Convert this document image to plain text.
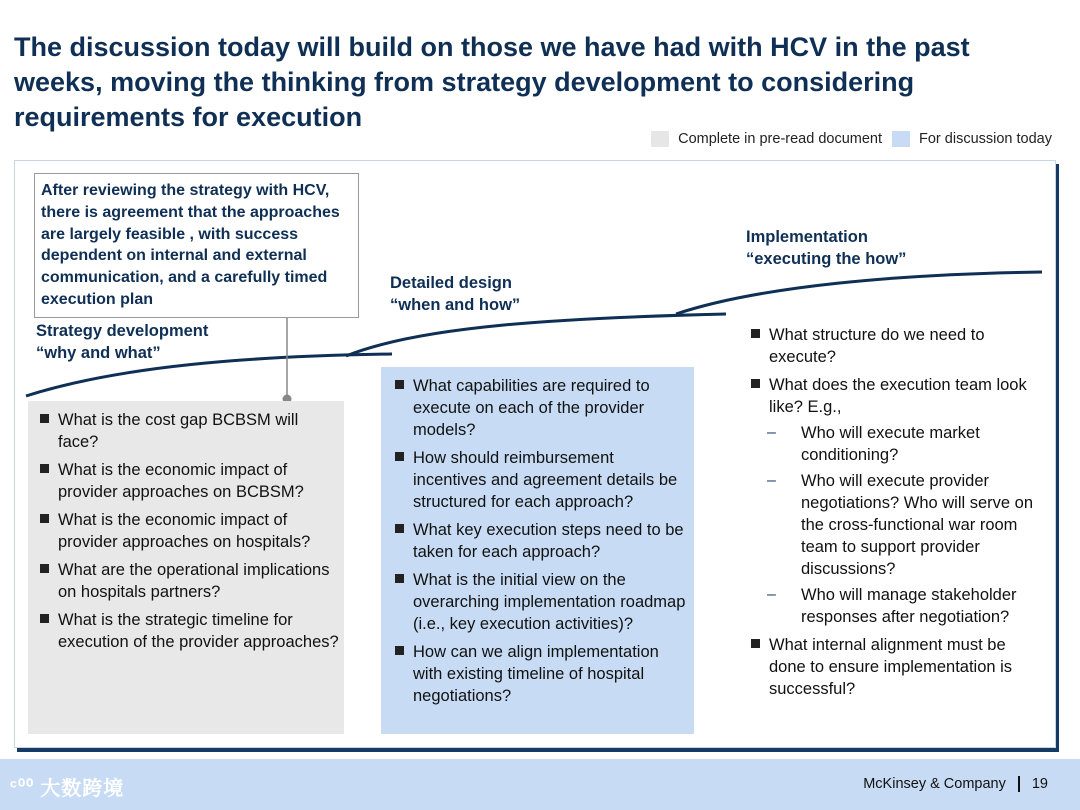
The discussion today will build on those we have had with HCV in the past weeks, moving the thinking from strategy development to considering requirements for execution
Complete in pre-read document	For discussion today
After reviewing the strategy with HCV, there is agreement that the approaches are largely feasible , with success dependent on internal and external communication, and a carefully timed execution plan
Strategy development
“why and what”
Detailed design
“when and how”
Implementation
“executing the how”
What is the cost gap BCBSM will face?
What is the economic impact of provider approaches on BCBSM?
What is the economic impact of provider approaches on hospitals?
What are the operational implications on hospitals partners?
What is the strategic timeline for execution of the provider approaches?
What capabilities are required to execute on each of the provider models?
How should reimbursement incentives and agreement details be structured for each approach?
What key execution steps need to be taken for each approach?
What is the initial view on the overarching implementation roadmap (i.e., key execution activities)?
How can we align implementation with existing timeline of hospital negotiations?
What structure do we need to execute?
What does the execution team look like? E.g.,
– Who will execute market conditioning?
– Who will execute provider negotiations? Who will serve on the cross-functional war room team to support provider discussions?
– Who will manage stakeholder responses after negotiation?
What internal alignment must be done to ensure implementation is successful?
McKinsey & Company 19
ᶜ⁰⁰ 大数跨境
